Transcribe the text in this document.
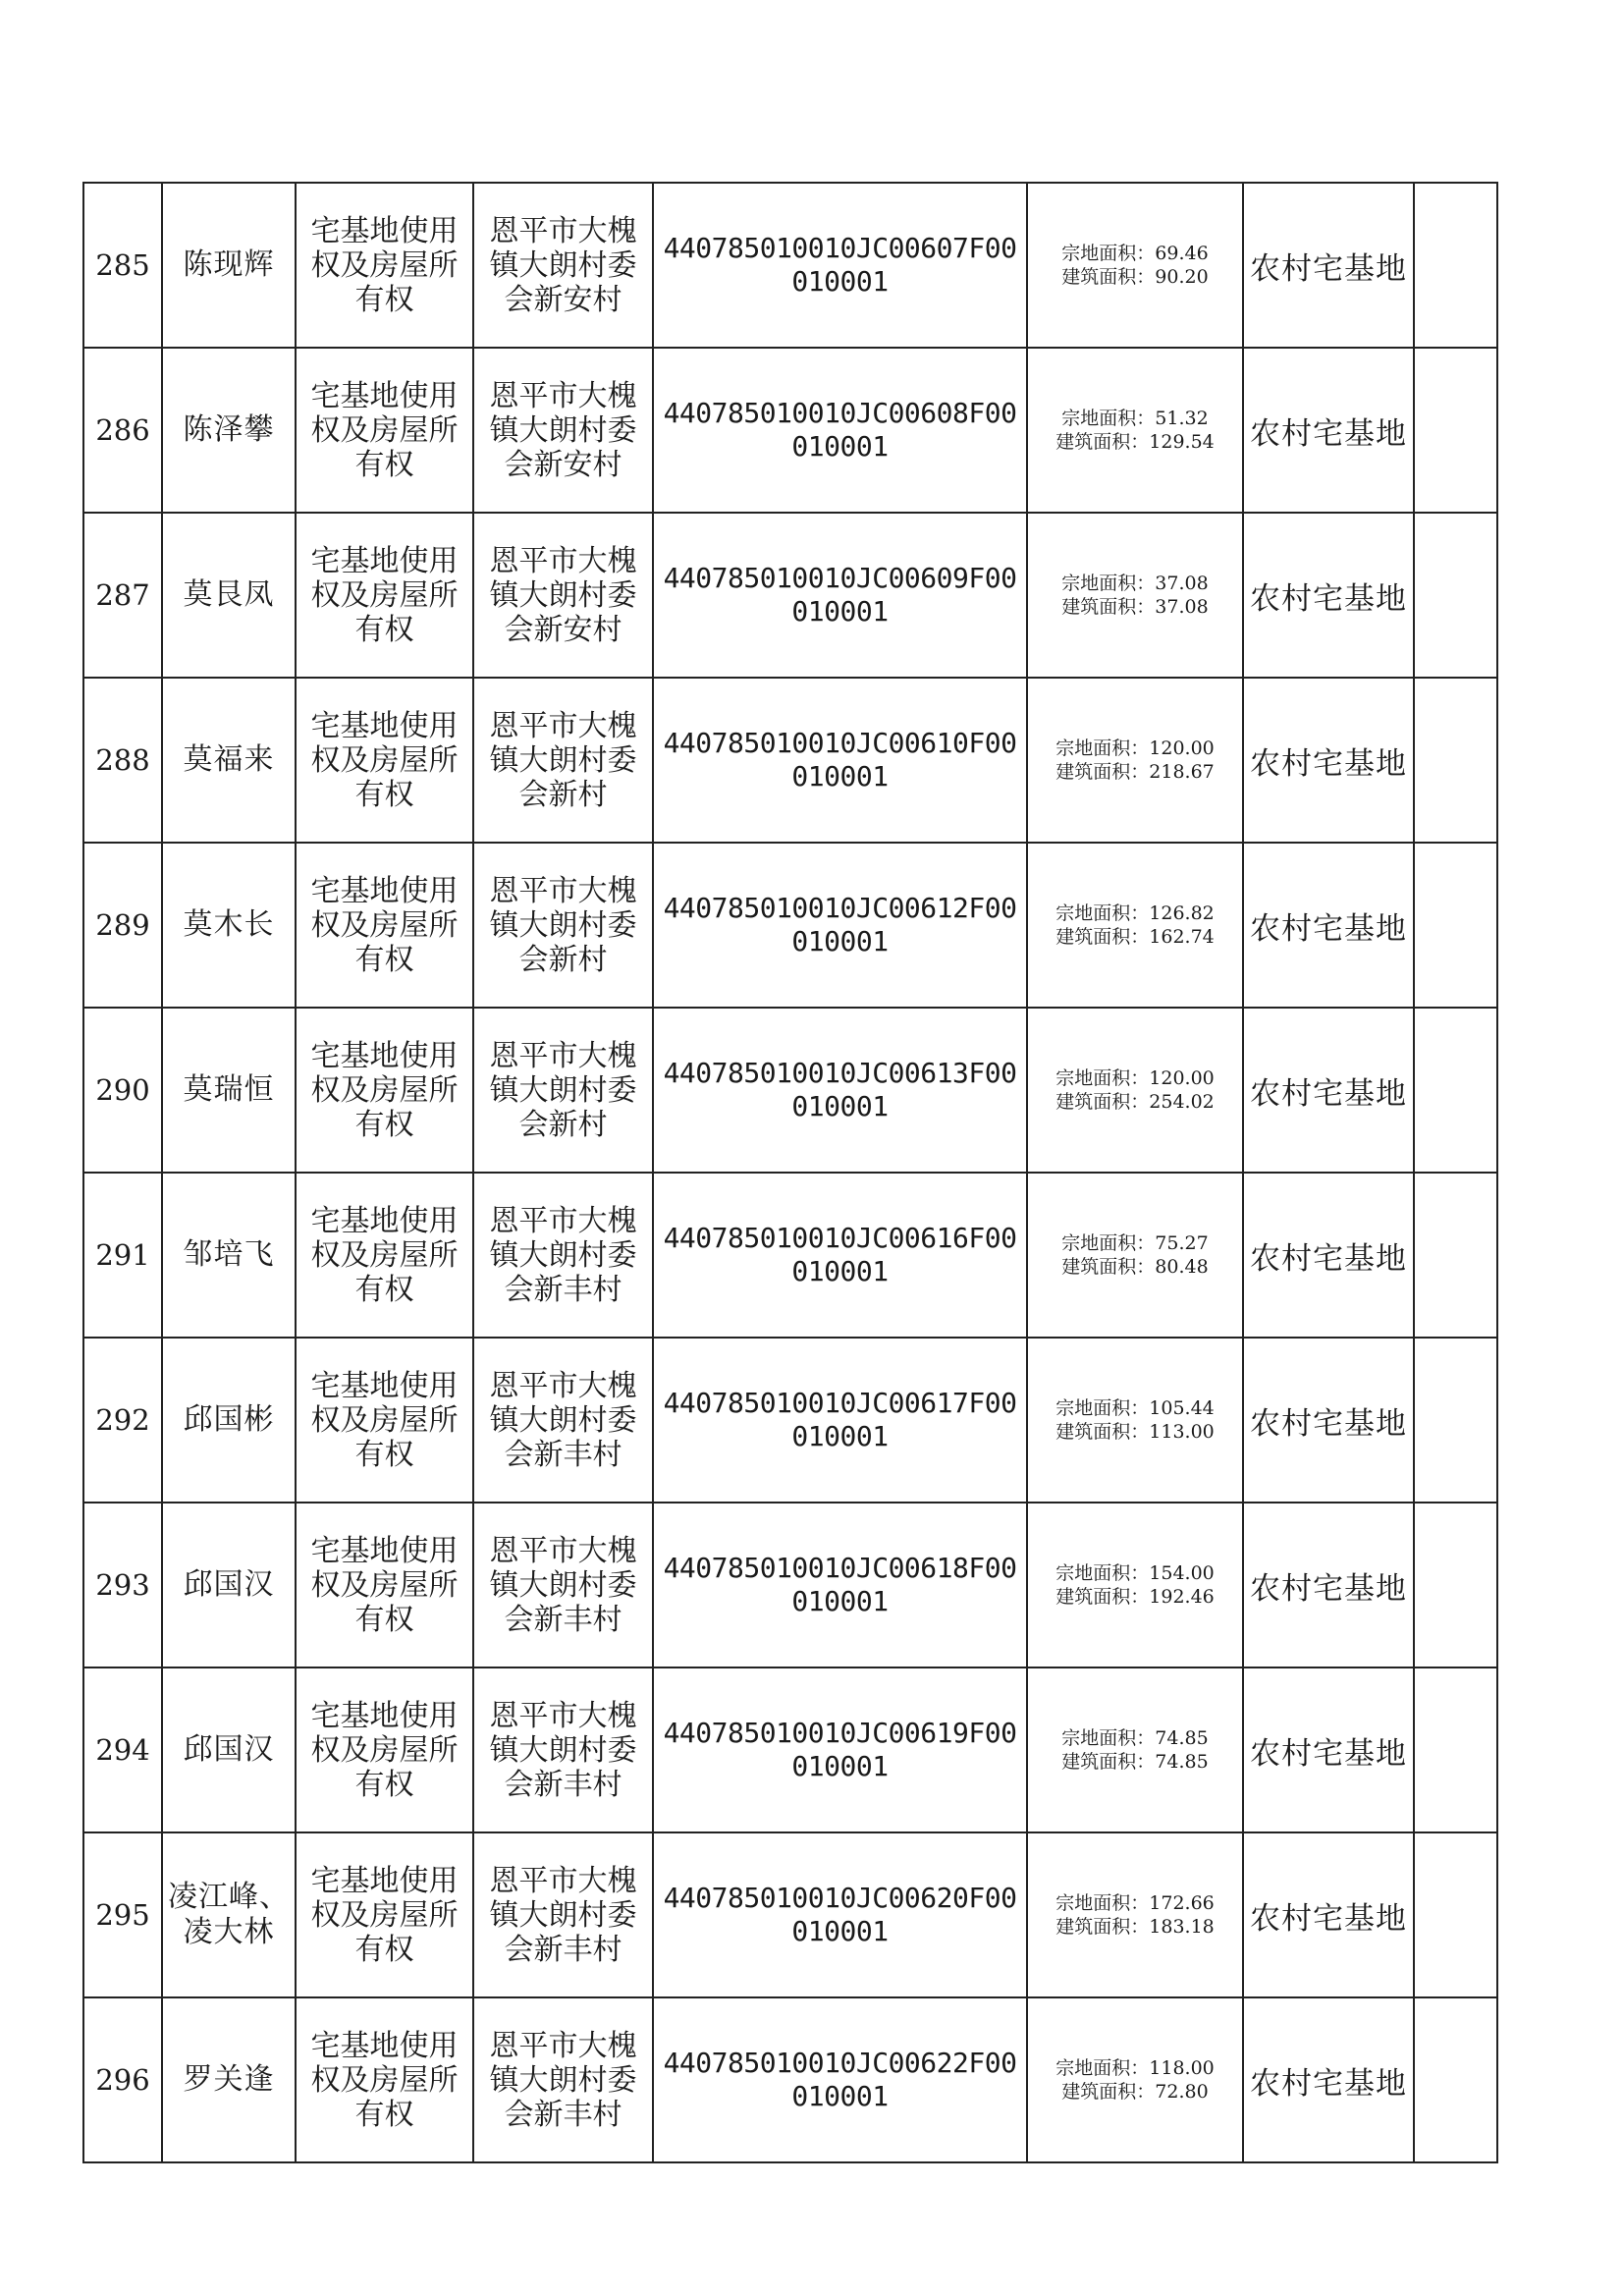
285	陈现辉	宅基地使用权及房屋所有权	恩平市大槐镇大朗村委会新安村	440785010010JC00607F00010001	宗地面积：69.46
建筑面积：90.20	农村宅基地	
286	陈泽攀	宅基地使用权及房屋所有权	恩平市大槐镇大朗村委会新安村	440785010010JC00608F00010001	宗地面积：51.32
建筑面积：129.54	农村宅基地	
287	莫艮凤	宅基地使用权及房屋所有权	恩平市大槐镇大朗村委会新安村	440785010010JC00609F00010001	宗地面积：37.08
建筑面积：37.08	农村宅基地	
288	莫福来	宅基地使用权及房屋所有权	恩平市大槐镇大朗村委会新村	440785010010JC00610F00010001	宗地面积：120.00
建筑面积：218.67	农村宅基地	
289	莫木长	宅基地使用权及房屋所有权	恩平市大槐镇大朗村委会新村	440785010010JC00612F00010001	宗地面积：126.82
建筑面积：162.74	农村宅基地	
290	莫瑞恒	宅基地使用权及房屋所有权	恩平市大槐镇大朗村委会新村	440785010010JC00613F00010001	宗地面积：120.00
建筑面积：254.02	农村宅基地	
291	邹培飞	宅基地使用权及房屋所有权	恩平市大槐镇大朗村委会新丰村	440785010010JC00616F00010001	宗地面积：75.27
建筑面积：80.48	农村宅基地	
292	邱国彬	宅基地使用权及房屋所有权	恩平市大槐镇大朗村委会新丰村	440785010010JC00617F00010001	宗地面积：105.44
建筑面积：113.00	农村宅基地	
293	邱国汉	宅基地使用权及房屋所有权	恩平市大槐镇大朗村委会新丰村	440785010010JC00618F00010001	宗地面积：154.00
建筑面积：192.46	农村宅基地	
294	邱国汉	宅基地使用权及房屋所有权	恩平市大槐镇大朗村委会新丰村	440785010010JC00619F00010001	宗地面积：74.85
建筑面积：74.85	农村宅基地	
295	凌江峰、凌大林	宅基地使用权及房屋所有权	恩平市大槐镇大朗村委会新丰村	440785010010JC00620F00010001	宗地面积：172.66
建筑面积：183.18	农村宅基地	
296	罗关逢	宅基地使用权及房屋所有权	恩平市大槐镇大朗村委会新丰村	440785010010JC00622F00010001	宗地面积：118.00
建筑面积：72.80	农村宅基地	
